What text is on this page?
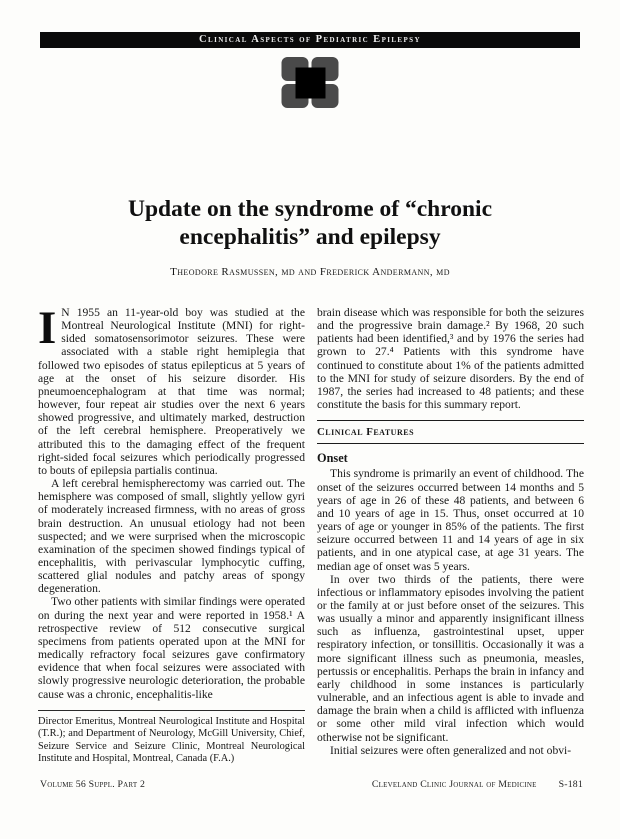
Clinical Aspects of Pediatric Epilepsy
Update on the syndrome of “chronic
encephalitis” and epilepsy
Theodore Rasmussen, md and Frederick Andermann, md

I N 1955 an 11-year-old boy was studied at the Montreal Neurological Institute (MNI) for right-sided somatosensorimotor seizures. These were associated with a stable right hemiplegia that followed two episodes of status epilepticus at 5 years of age at the onset of his seizure disorder. His pneumoencephalogram at that time was normal; however, four repeat air studies over the next 6 years showed progressive, and ultimately marked, destruction of the left cerebral hemisphere. Preoperatively we attributed this to the damaging effect of the frequent right-sided focal seizures which periodically progressed to bouts of epilepsia partialis continua.

A left cerebral hemispherectomy was carried out. The hemisphere was composed of small, slightly yellow gyri of moderately increased firmness, with no areas of gross brain destruction. An unusual etiology had not been suspected; and we were surprised when the microscopic examination of the specimen showed findings typical of encephalitis, with perivascular lymphocytic cuffing, scattered glial nodules and patchy areas of spongy degeneration.

Two other patients with similar findings were operated on during the next year and were reported in 1958.¹ A retrospective review of 512 consecutive surgical specimens from patients operated upon at the MNI for medically refractory focal seizures gave confirmatory evidence that when focal seizures were associated with slowly progressive neurologic deterioration, the probable cause was a chronic, encephalitis-like

Director Emeritus, Montreal Neurological Institute and Hospital (T.R.); and Department of Neurology, McGill University, Chief, Seizure Service and Seizure Clinic, Montreal Neurological Institute and Hospital, Montreal, Canada (F.A.)

brain disease which was responsible for both the seizures and the progressive brain damage.² By 1968, 20 such patients had been identified,³ and by 1976 the series had grown to 27.⁴ Patients with this syndrome have continued to constitute about 1% of the patients admitted to the MNI for study of seizure disorders. By the end of 1987, the series had increased to 48 patients; and these constitute the basis for this summary report.

Clinical Features
Onset

This syndrome is primarily an event of childhood. The onset of the seizures occurred between 14 months and 5 years of age in 26 of these 48 patients, and between 6 and 10 years of age in 15. Thus, onset occurred at 10 years of age or younger in 85% of the patients. The first seizure occurred between 11 and 14 years of age in six patients, and in one atypical case, at age 31 years. The median age of onset was 5 years.

In over two thirds of the patients, there were infectious or inflammatory episodes involving the patient or the family at or just before onset of the seizures. This was usually a minor and apparently insignificant illness such as influenza, gastrointestinal upset, upper respiratory infection, or tonsillitis. Occasionally it was a more significant illness such as pneumonia, measles, pertussis or encephalitis. Perhaps the brain in infancy and early childhood in some instances is particularly vulnerable, and an infectious agent is able to invade and damage the brain when a child is afflicted with influenza or some other mild viral infection which would otherwise not be significant.

Initial seizures were often generalized and not obvi-

Volume 56 Suppl. Part 2	Cleveland Clinic Journal of Medicine S-181
